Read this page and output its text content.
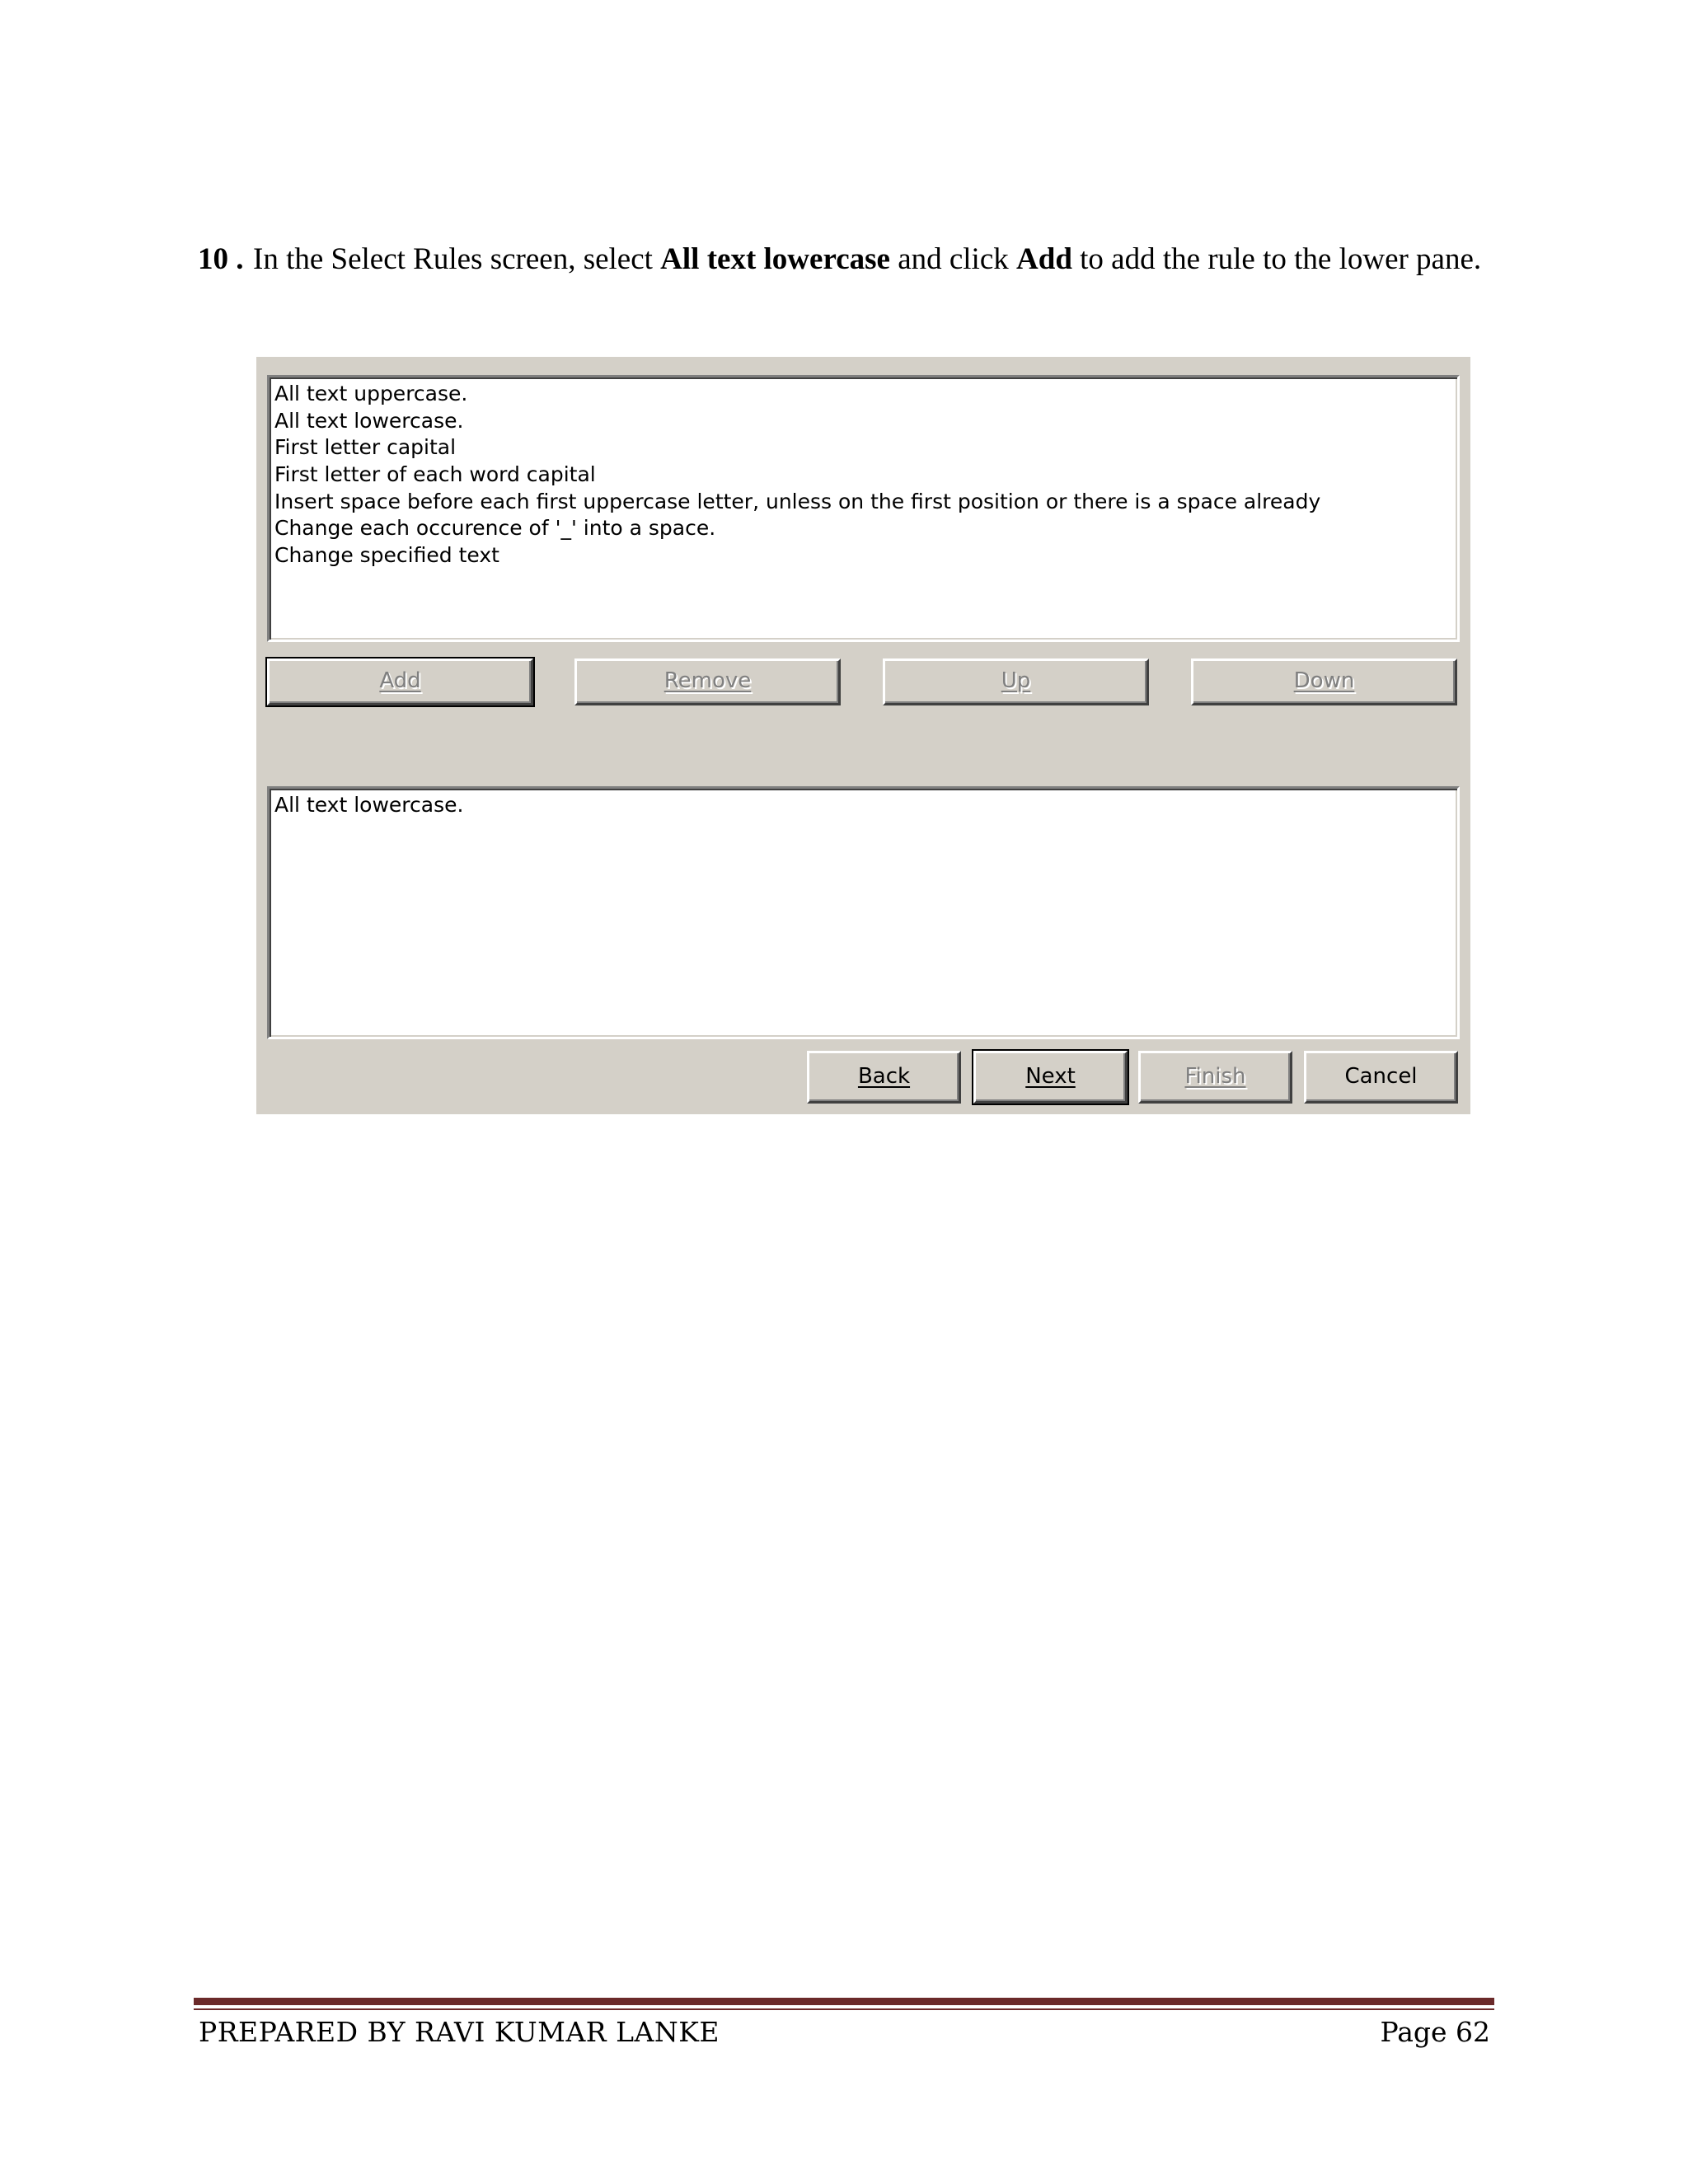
10 . In the Select Rules screen, select All text lowercase and click Add to add the rule to the lower pane.
All text uppercase.
All text lowercase.
First letter capital
First letter of each word capital
Insert space before each first uppercase letter, unless on the first position or there is a space already
Change each occurence of '_' into a space.
Change specified text
Add	Remove	Up	Down
All text lowercase.
Back	Next	Finish	Cancel
PREPARED BY RAVI KUMAR LANKE	Page 62
